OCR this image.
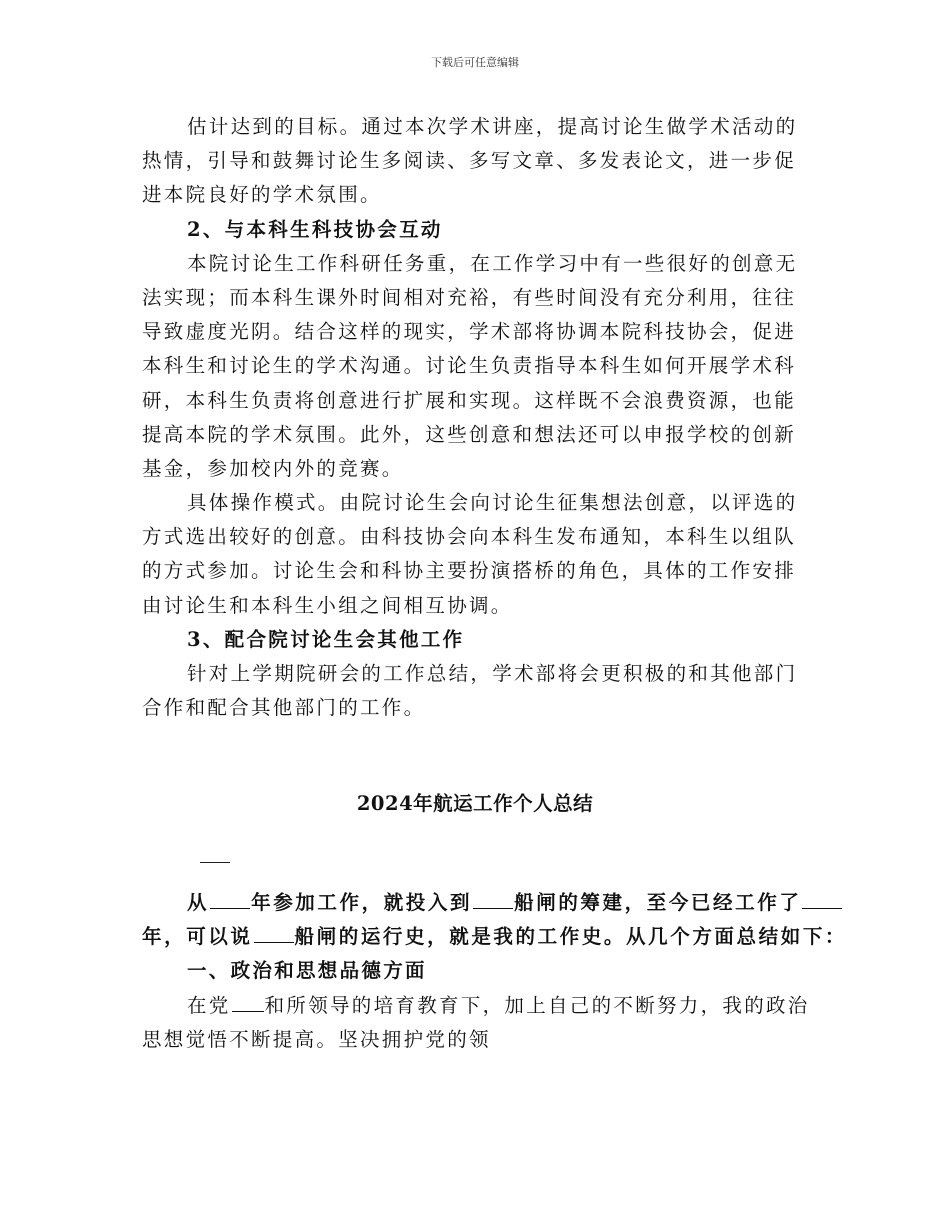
下载后可任意编辑
估计达到的目标。通过本次学术讲座，提高讨论生做学术活动的
热情，引导和鼓舞讨论生多阅读、多写文章、多发表论文，进一步促
进本院良好的学术氛围。
2、与本科生科技协会互动
本院讨论生工作科研任务重，在工作学习中有一些很好的创意无
法实现；而本科生课外时间相对充裕，有些时间没有充分利用，往往
导致虚度光阴。结合这样的现实，学术部将协调本院科技协会，促进
本科生和讨论生的学术沟通。讨论生负责指导本科生如何开展学术科
研，本科生负责将创意进行扩展和实现。这样既不会浪费资源，也能
提高本院的学术氛围。此外，这些创意和想法还可以申报学校的创新
基金，参加校内外的竞赛。
具体操作模式。由院讨论生会向讨论生征集想法创意，以评选的
方式选出较好的创意。由科技协会向本科生发布通知，本科生以组队
的方式参加。讨论生会和科协主要扮演搭桥的角色，具体的工作安排
由讨论生和本科生小组之间相互协调。
3、配合院讨论生会其他工作
针对上学期院研会的工作总结，学术部将会更积极的和其他部门
合作和配合其他部门的工作。
2024年航运工作个人总结
从 年参加工作，就投入到 船闸的筹建，至今已经工作了
年，可以说 船闸的运行史，就是我的工作史。从几个方面总结如下：
一、政治和思想品德方面
在党 和所领导的培育教育下，加上自己的不断努力，我的政治
思想觉悟不断提高。坚决拥护党的领
